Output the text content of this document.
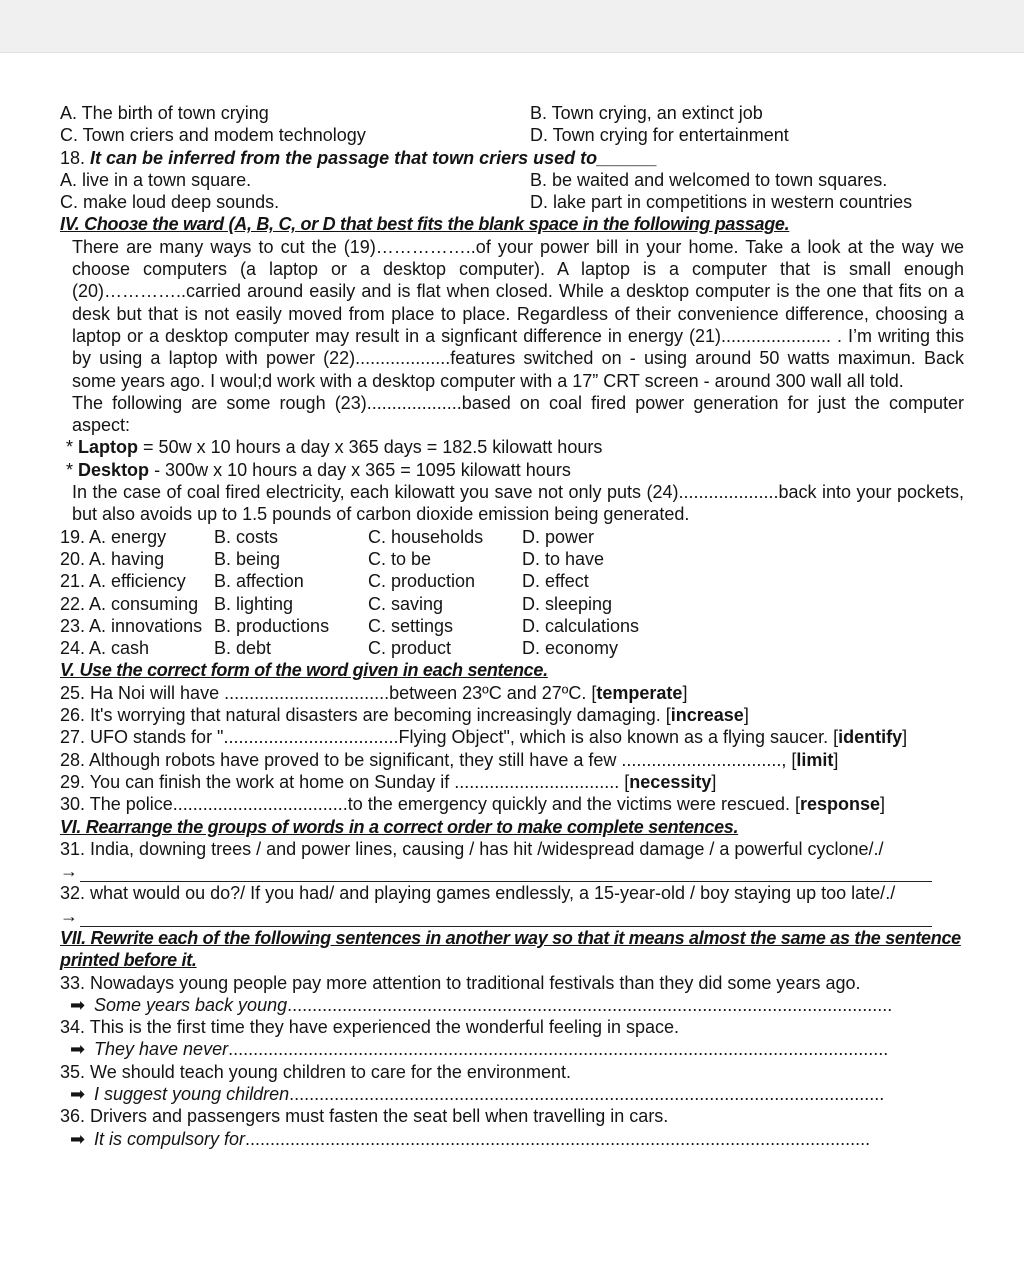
A. The birth of town crying	B. Town crying, an extinct job
C. Town criers and modem technology	D. Town crying for entertainment
18. It can be inferred from the passage that town criers used to______
A. live in a town square.	B. be waited and welcomed to town squares.
C. make loud deep sounds.	D. lake part in competitions in western countries
IV. Chooзe the ward (A, B, C, or D that best fits the blank space in the following passage.
There are many ways to cut the (19)……………..of your power bill in your home. Take a look at the way we choose computers (a laptop or a desktop computer). A laptop is a computer that is small enough (20)…………..carried around easily and is flat when closed. While a desktop computer is the one that fits on a desk but that is not easily moved from place to place. Regardless of their convenience difference, choosing a laptop or a desktop computer may result in a signficant difference in energy (21)...................... . I’m writing this by using a laptop with power (22)...................features switched on - using around 50 watts maximun. Back some years ago. I woul;d work with a desktop computer with a 17” CRT screen - around 300 wall all told.
The following are some rough (23)...................based on coal fired power generation for just the computer aspect:
* Laptop = 50w x 10 hours a day x 365 days = 182.5 kilowatt hours
* Desktop - 300w x 10 hours a day x 365 = 1095 kilowatt hours
In the case of coal fired electricity, each kilowatt you save not only puts (24)....................back into your pockets, but also avoids up to 1.5 pounds of carbon dioxide emission being generated.
19. A. energy	B. costs	C. households	D. power
20. A. having	B. being	C. to be	D. to have
21. A. efficiency	B. affection	C. production	D. effect
22. A. consuming B. lighting	C. saving	D. sleeping
23. A. innovations B. productions	C. settings	D. calculations
24. A. cash	B. debt	C. product	D. economy
V. Use the correct form of the word given in each sentence.
25. Ha Noi will have .................................between 23ºC and 27ºC. [temperate]
26. It's worrying that natural disasters are becoming increasingly damaging. [increase]
27. UFO stands for "...................................Flying Object", which is also known as a flying saucer. [identify]
28. Although robots have proved to be significant, they still have a few ................................, [limit]
29. You can finish the work at home on Sunday if ................................. [necessity]
30. The police...................................to the emergency quickly and the victims were rescued. [response]
VI. Rearrange the groups of words in a correct order to make complete sentences.
31. India, downing trees / and power lines, causing / has hit /widespread damage / a powerful cyclone/./
→
32. what would ou do?/ If you had/ and playing games endlessly, a 15-year-old / boy staying up too late/./
→
VII. Rewrite each of the following sentences in another way so that it means almost the same as the sentence printed before it.
33. Nowadays young people pay more attention to traditional festivals than they did some years ago.
➡ Some years back young.........................................................................................................................
34. This is the first time they have experienced the wonderful feeling in space.
➡ They have never....................................................................................................................................
35. We should teach young children to care for the environment.
➡ I suggest young children.......................................................................................................................
36. Drivers and passengers must fasten the seat bell when travelling in cars.
➡ It is compulsory for.............................................................................................................................
